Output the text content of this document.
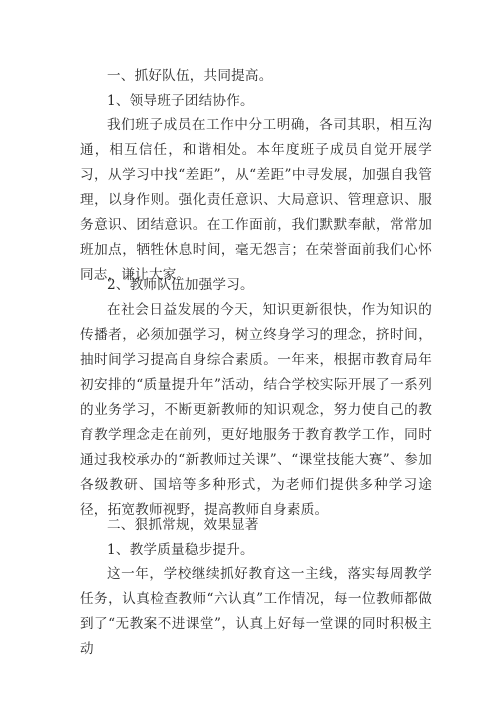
一、抓好队伍，共同提高。

1、领导班子团结协作。

我们班子成员在工作中分工明确，各司其职，相互沟通，相互信任，和谐相处。本年度班子成员自觉开展学习，从学习中找“差距”，从“差距”中寻发展，加强自我管理，以身作则。强化责任意识、大局意识、管理意识、服务意识、团结意识。在工作面前，我们默默奉献，常常加班加点，牺牲休息时间，毫无怨言；在荣誉面前我们心怀同志，谦让大家。

2、教师队伍加强学习。

在社会日益发展的今天，知识更新很快，作为知识的传播者，必须加强学习，树立终身学习的理念，挤时间，抽时间学习提高自身综合素质。一年来，根据市教育局年初安排的“质量提升年”活动，结合学校实际开展了一系列的业务学习，不断更新教师的知识观念，努力使自己的教育教学理念走在前列，更好地服务于教育教学工作，同时通过我校承办的“新教师过关课”、“课堂技能大赛”、参加各级教研、国培等多种形式，为老师们提供多种学习途径，拓宽教师视野，提高教师自身素质。

二、狠抓常规，效果显著

1、教学质量稳步提升。

这一年，学校继续抓好教育这一主线，落实每周教学任务，认真检查教师“六认真”工作情况，每一位教师都做到了“无教案不进课堂”，认真上好每一堂课的同时积极主动
